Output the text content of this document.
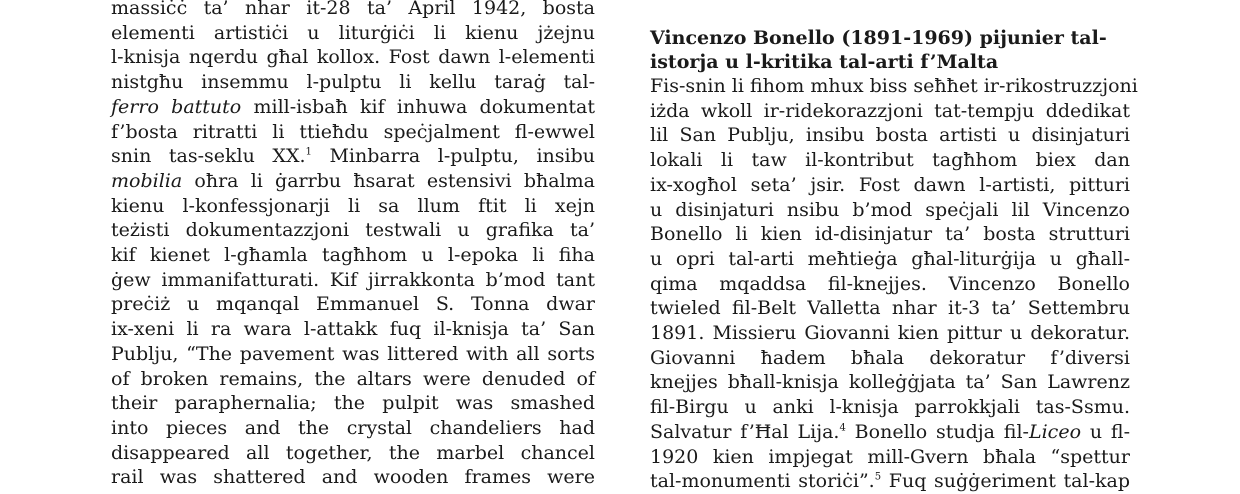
massiċċ ta’ nhar it-28 ta’ April 1942, bosta
elementi artistiċi u liturġiċi li kienu jżejnu
l-knisja nqerdu għal kollox. Fost dawn l-elementi
nistgħu insemmu l-pulptu li kellu taraġ tal-
ferro battuto mill-isbaħ kif inhuwa dokumentat
f’bosta ritratti li ttieħdu speċjalment fl-ewwel
snin tas-seklu XX.$^1$ Minbarra l-pulptu, insibu
mobilia oħra li ġarrbu ħsarat estensivi bħalma
kienu l-konfessjonarji li sa llum ftit li xejn
teżisti dokumentazzjoni testwali u grafika ta’
kif kienet l-għamla tagħhom u l-epoka li fiha
ġew immanifatturati. Kif jirrakkonta b’mod tant
preċiż u mqanqal Emmanuel S. Tonna dwar
ix-xeni li ra wara l-attakk fuq il-knisja ta’ San
Publju, “The pavement was littered with all sorts
of broken remains, the altars were denuded of
their paraphernalia; the pulpit was smashed
into pieces and the crystal chandeliers had
disappeared all together, the marbel chancel
rail was shattered and wooden frames were
Vincenzo Bonello (1891-1969) pijunier tal-
istorja u l-kritika tal-arti f’Malta
Fis-snin li fihom mhux biss seħħet ir-rikostruzzjoni
iżda wkoll ir-ridekorazzjoni tat-tempju ddedikat
lil San Publju, insibu bosta artisti u disinjaturi
lokali li taw il-kontribut tagħhom biex dan
ix-xogħol seta’ jsir. Fost dawn l-artisti, pitturi
u disinjaturi nsibu b’mod speċjali lil Vincenzo
Bonello li kien id-disinjatur ta’ bosta strutturi
u opri tal-arti meħtieġa għal-liturġija u għall-
qima mqaddsa fil-knejjes. Vincenzo Bonello
twieled fil-Belt Valletta nhar it-3 ta’ Settembru
1891. Missieru Giovanni kien pittur u dekoratur.
Giovanni ħadem bħala dekoratur f’diversi
knejjes bħall-knisja kolleġġjata ta’ San Lawrenz
fil-Birgu u anki l-knisja parrokkjali tas-Ssmu.
Salvatur f’Ħal Lija.$^4$ Bonello studja fil-Liceo u fl-
1920 kien impjegat mill-Gvern bħala “spettur
tal-monumenti storiċi”.$^5$ Fuq suġġeriment tal-kap
